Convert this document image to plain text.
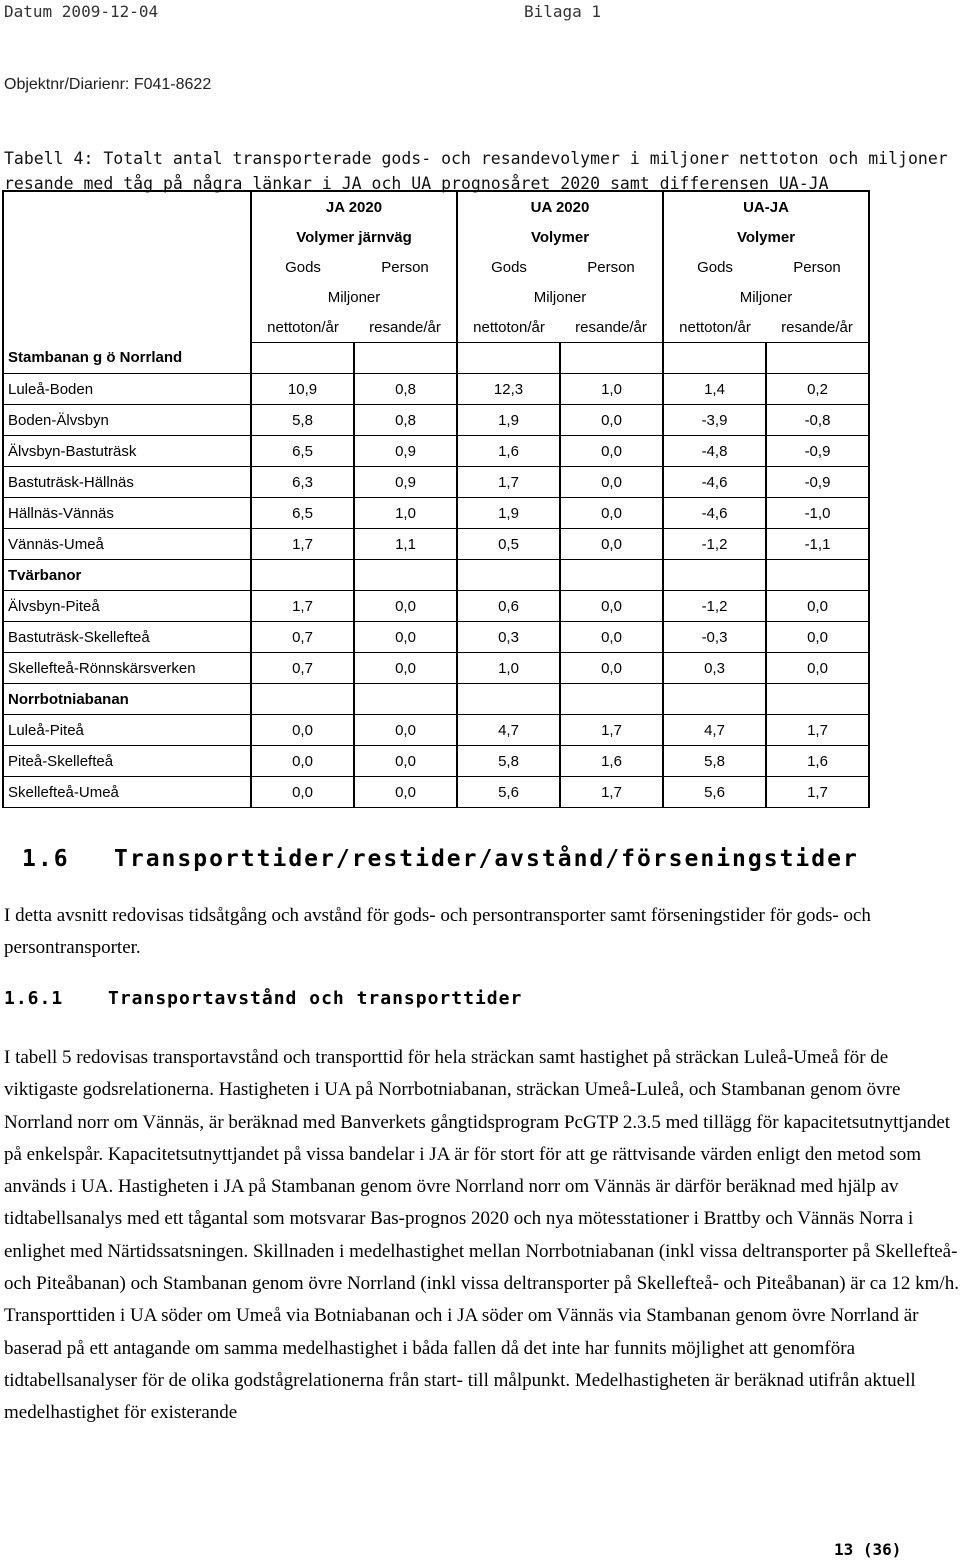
Datum 2009-12-04	Bilaga 1
Objektnr/Diarienr: F041-8622
Tabell 4: Totalt antal transporterade gods- och resandevolymer i miljoner nettoton och miljoner
resande med tåg på några länkar i JA och UA prognosåret 2020 samt differensen UA-JA
	JA 2020		UA 2020		UA-JA	
	Volymer järnväg		Volymer		Volymer	
	Gods	Person	Gods	Person	Gods	Person
	Miljoner		Miljoner		Miljoner	
	nettoton/år	resande/år	nettoton/år	resande/år	nettoton/år	resande/år
Stambanan g ö Norrland						
Luleå-Boden	10,9	0,8	12,3	1,0	1,4	0,2
Boden-Älvsbyn	5,8	0,8	1,9	0,0	-3,9	-0,8
Älvsbyn-Bastuträsk	6,5	0,9	1,6	0,0	-4,8	-0,9
Bastuträsk-Hällnäs	6,3	0,9	1,7	0,0	-4,6	-0,9
Hällnäs-Vännäs	6,5	1,0	1,9	0,0	-4,6	-1,0
Vännäs-Umeå	1,7	1,1	0,5	0,0	-1,2	-1,1
Tvärbanor						
Älvsbyn-Piteå	1,7	0,0	0,6	0,0	-1,2	0,0
Bastuträsk-Skellefteå	0,7	0,0	0,3	0,0	-0,3	0,0
Skellefteå-Rönnskärsverken	0,7	0,0	1,0	0,0	0,3	0,0
Norrbotniabanan						
Luleå-Piteå	0,0	0,0	4,7	1,7	4,7	1,7
Piteå-Skellefteå	0,0	0,0	5,8	1,6	5,8	1,6
Skellefteå-Umeå	0,0	0,0	5,6	1,7	5,6	1,7
1.6 Transporttider/restider/avstånd/förseningstider
I detta avsnitt redovisas tidsåtgång och avstånd för gods- och persontransporter samt förseningstider för gods- och persontransporter.
1.6.1 Transportavstånd och transporttider
I tabell 5 redovisas transportavstånd och transporttid för hela sträckan samt hastighet på sträckan Luleå-Umeå för de viktigaste godsrelationerna. Hastigheten i UA på Norrbotniabanan, sträckan Umeå-Luleå, och Stambanan genom övre Norrland norr om Vännäs, är beräknad med Banverkets gångtidsprogram PcGTP 2.3.5 med tillägg för kapacitetsutnyttjandet på enkelspår. Kapacitetsutnyttjandet på vissa bandelar i JA är för stort för att ge rättvisande värden enligt den metod som används i UA. Hastigheten i JA på Stambanan genom övre Norrland norr om Vännäs är därför beräknad med hjälp av tidtabellsanalys med ett tågantal som motsvarar Bas-prognos 2020 och nya mötesstationer i Brattby och Vännäs Norra i enlighet med Närtidssatsningen. Skillnaden i medelhastighet mellan Norrbotniabanan (inkl vissa deltransporter på Skellefteå- och Piteåbanan) och Stambanan genom övre Norrland (inkl vissa deltransporter på Skellefteå- och Piteåbanan) är ca 12 km/h. Transporttiden i UA söder om Umeå via Botniabanan och i JA söder om Vännäs via Stambanan genom övre Norrland är baserad på ett antagande om samma medelhastighet i båda fallen då det inte har funnits möjlighet att genomföra tidtabellsanalyser för de olika godstågrelationerna från start- till målpunkt. Medelhastigheten är beräknad utifrån aktuell medelhastighet för existerande
13 (36)
